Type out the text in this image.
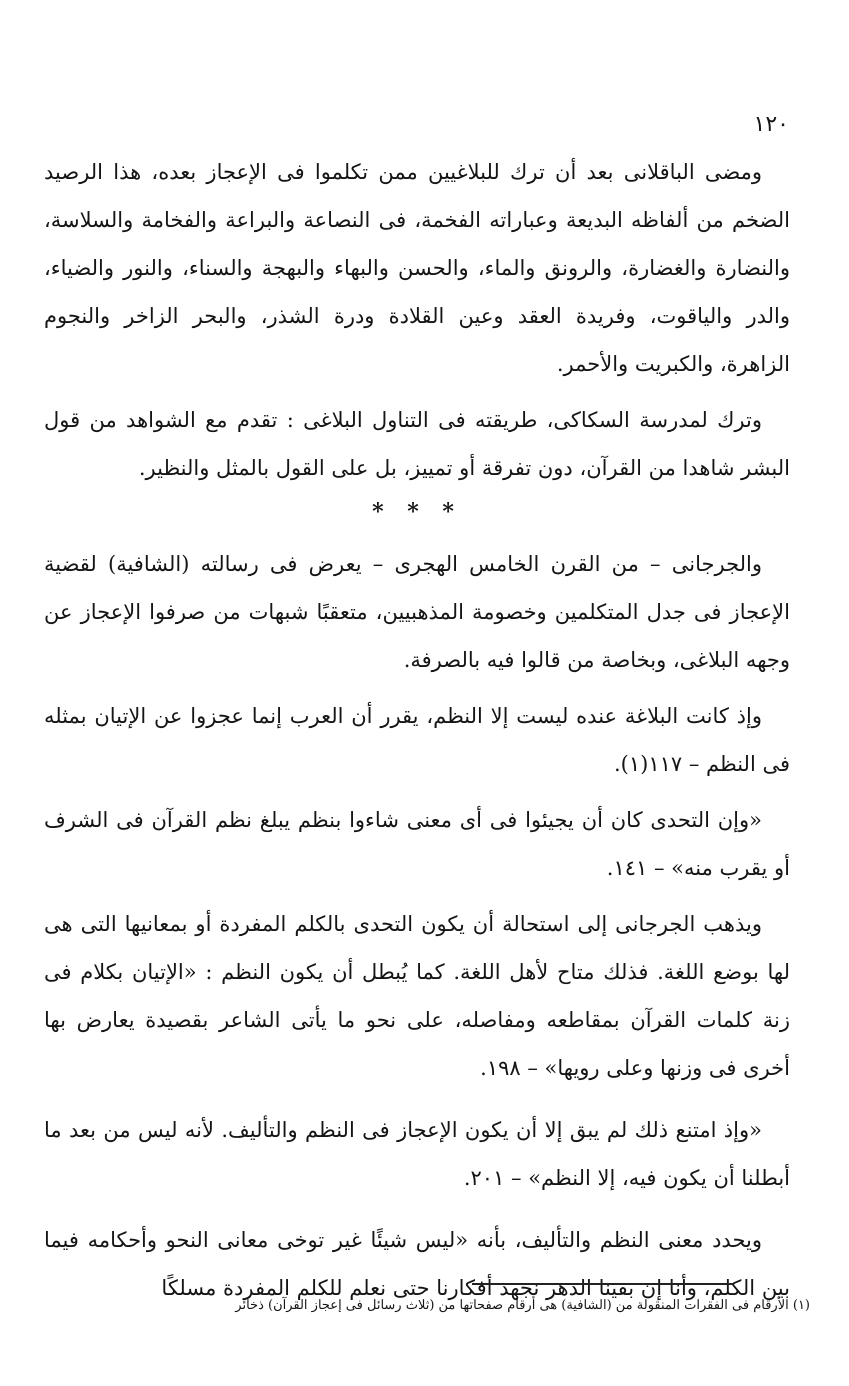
١٢٠

ومضى الباقلانى بعد أن ترك للبلاغيين ممن تكلموا فى الإعجاز بعده، هذا الرصيد الضخم من ألفاظه البديعة وعباراته الفخمة، فى النصاعة والبراعة والفخامة والسلاسة، والنضارة والغضارة، والرونق والماء، والحسن والبهاء والبهجة والسناء، والنور والضياء، والدر والياقوت، وفريدة العقد وعين القلادة ودرة الشذر، والبحر الزاخر والنجوم الزاهرة، والكبريت والأحمر.

وترك لمدرسة السكاكى، طريقته فى التناول البلاغى : تقدم مع الشواهد من قول البشر شاهدا من القرآن، دون تفرقة أو تمييز، بل على القول بالمثل والنظير.

* * *

والجرجانى – من القرن الخامس الهجرى – يعرض فى رسالته (الشافية) لقضية الإعجاز فى جدل المتكلمين وخصومة المذهبيين، متعقبًا شبهات من صرفوا الإعجاز عن وجهه البلاغى، وبخاصة من قالوا فيه بالصرفة.

وإذ كانت البلاغة عنده ليست إلا النظم، يقرر أن العرب إنما عجزوا عن الإتيان بمثله فى النظم – ١١٧(١).

«وإن التحدى كان أن يجيئوا فى أى معنى شاءوا بنظم يبلغ نظم القرآن فى الشرف أو يقرب منه» – ١٤١.

ويذهب الجرجانى إلى استحالة أن يكون التحدى بالكلم المفردة أو بمعانيها التى هى لها بوضع اللغة. فذلك متاح لأهل اللغة. كما يُبطل أن يكون النظم : «الإتيان بكلام فى زنة كلمات القرآن بمقاطعه ومفاصله، على نحو ما يأتى الشاعر بقصيدة يعارض بها أخرى فى وزنها وعلى رويها» – ١٩٨.

«وإذ امتنع ذلك لم يبق إلا أن يكون الإعجاز فى النظم والتأليف. لأنه ليس من بعد ما أبطلنا أن يكون فيه، إلا النظم» – ٢٠١.

ويحدد معنى النظم والتأليف، بأنه «ليس شيئًا غير توخى معانى النحو وأحكامه فيما بين الكلم، وأنا إن بقينا الدهر نجهد أفكارنا حتى نعلم للكلم المفردة مسلكًا

(١) الأرقام فى الفقرات المنقولة من (الشافية) هى أرقام صفحاتها من (ثلاث رسائل فى إعجاز القرآن) ذخائر
